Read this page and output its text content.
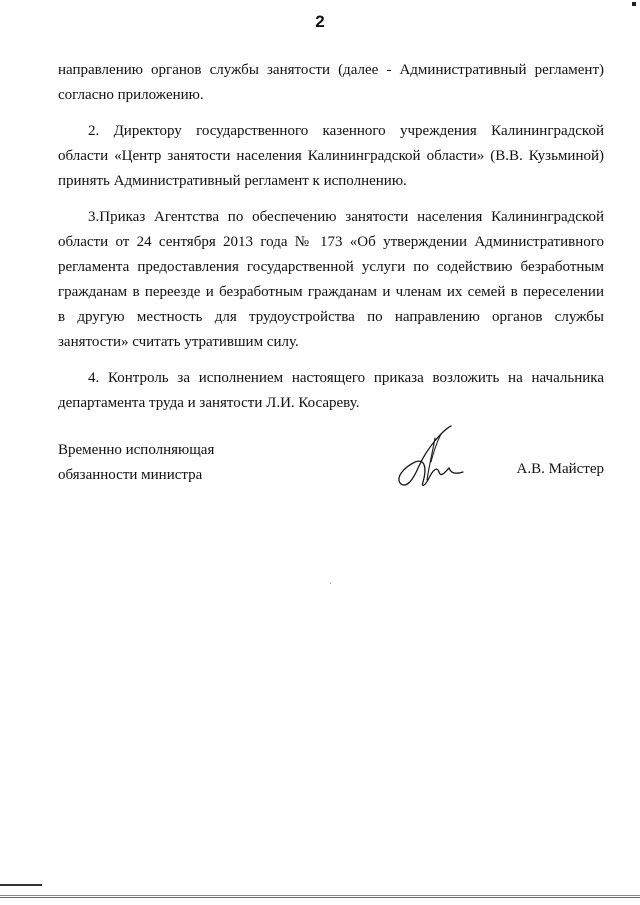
2
направлению органов службы занятости (далее - Административный регламент)
согласно приложению.
2. Директору государственного казенного учреждения Калининградской
области «Центр занятости населения Калининградской области» (В.В. Кузьминой)
принять Административный регламент к исполнению.
3.Приказ Агентства по обеспечению занятости населения Калининградской
области от 24 сентября 2013 года № 173 «Об утверждении Административного
регламента предоставления государственной услуги по содействию безработным
гражданам в переезде и безработным гражданам и членам их семей в переселении
в другую местность для трудоустройства по направлению органов службы
занятости» считать утратившим силу.
4. Контроль за исполнением настоящего приказа возложить на начальника
департамента труда и занятости Л.И. Косареву.
Временно исполняющая
обязанности министра	А.В. Майстер
